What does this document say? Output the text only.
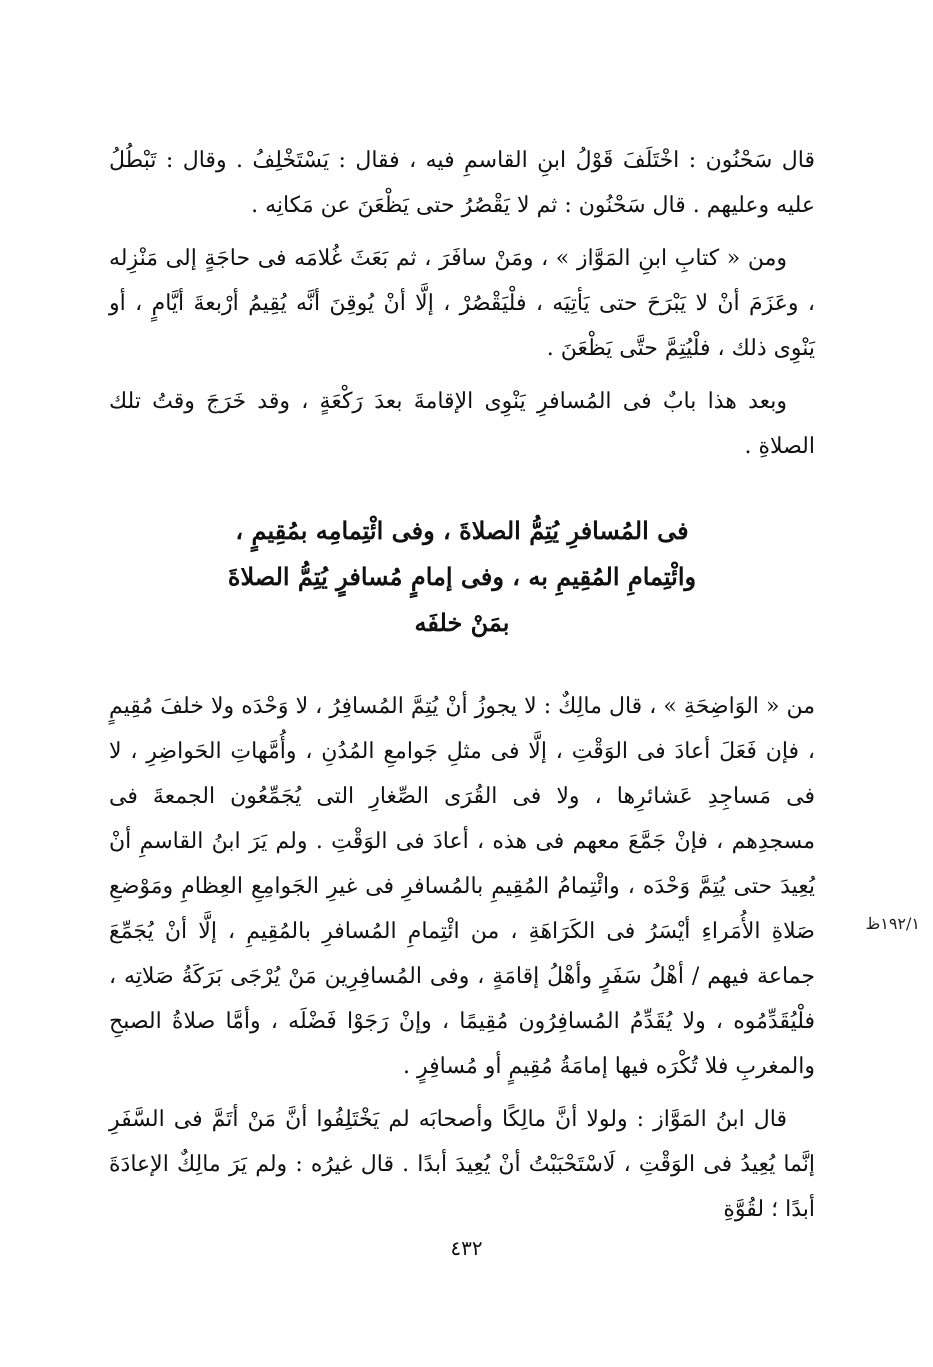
قال سَحْنُون : اخْتَلَفَ قَوْلُ ابنِ القاسمِ فيه ، فقال : يَسْتَخْلِفُ . وقال : تَبْطُلُ عليه وعليهم . قال سَحْنُون : ثم لا يَقْصُرُ حتى يَظْعَنَ عن مَكانِه .

ومن « كتابِ ابنِ المَوَّاز » ، ومَنْ سافَرَ ، ثم بَعَثَ غُلامَه فى حاجَةٍ إلى مَنْزِله ، وعَزَمَ أنْ لا يَبْرَحَ حتى يَأتِيَه ، فلْيَقْصُرْ ، إلَّا أنْ يُوقِنَ أنَّه يُقِيمُ أرْبعةَ أيَّامٍ ، أو يَنْوِى ذلك ، فلْيُتِمَّ حتَّى يَظْعَنَ .

وبعد هذا بابٌ فى المُسافرِ يَنْوِى الإقامةَ بعدَ رَكْعَةٍ ، وقد خَرَجَ وقتُ تلك الصلاةِ .

فى المُسافرِ يُتِمُّ الصلاةَ ، وفى ائْتِمامِه بمُقِيمٍ ،
وائْتِمامِ المُقِيمِ به ، وفى إمامٍ مُسافرٍ يُتِمُّ الصلاةَ
بمَنْ خلفَه

من « الوَاضِحَةِ » ، قال مالِكٌ : لا يجوزُ أنْ يُتِمَّ المُسافِرُ ، لا وَحْدَه ولا خلفَ مُقِيمٍ ، فإن فَعَلَ أعادَ فى الوَقْتِ ، إلَّا فى مثلِ جَوامعِ المُدُنِ ، وأُمَّهاتِ الحَواضِرِ ، لا فى مَساجِدِ عَشائرِها ، ولا فى القُرَى الصِّغارِ التى يُجَمِّعُون الجمعةَ فى مسجدِهم ، فإنْ جَمَّعَ معهم فى هذه ، أعادَ فى الوَقْتِ . ولم يَرَ ابنُ القاسمِ أنْ يُعِيدَ حتى يُتِمَّ وَحْدَه ، وائْتِمامُ المُقِيمِ بالمُسافرِ فى غيرِ الجَوامِعِ العِظامِ ومَوْضعِ صَلاةِ الأُمَراءِ أيْسَرُ فى الكَرَاهَةِ ، من ائْتِمامِ المُسافرِ بالمُقِيمِ ، إلَّا أنْ يُجَمِّعَ جماعة فيهم / أهْلُ سَفَرٍ وأهْلُ إقامَةٍ ، وفى المُسافِرِين مَنْ يُرْجَى بَرَكَةُ صَلاتِه ، فلْيُقَدِّمُوه ، ولا يُقَدِّمُ المُسافِرُون مُقِيمًا ، وإنْ رَجَوْا فَضْلَه ، وأمَّا صلاةُ الصبحِ والمغربِ فلا تُكْرَه فيها إمامَةُ مُقِيمٍ أو مُسافِرٍ .

قال ابنُ المَوَّاز : ولولا أنَّ مالِكًا وأصحابَه لم يَخْتَلِفُوا أنَّ مَنْ أتَمَّ فى السَّفَرِ إنَّما يُعِيدُ فى الوَقْتِ ، لَاسْتَحْبَبْتُ أنْ يُعِيدَ أبدًا . قال غيرُه : ولم يَرَ مالِكٌ الإعادَةَ أبدًا ؛ لقُوَّةِ

١٩٢/١ظ
٤٣٢
